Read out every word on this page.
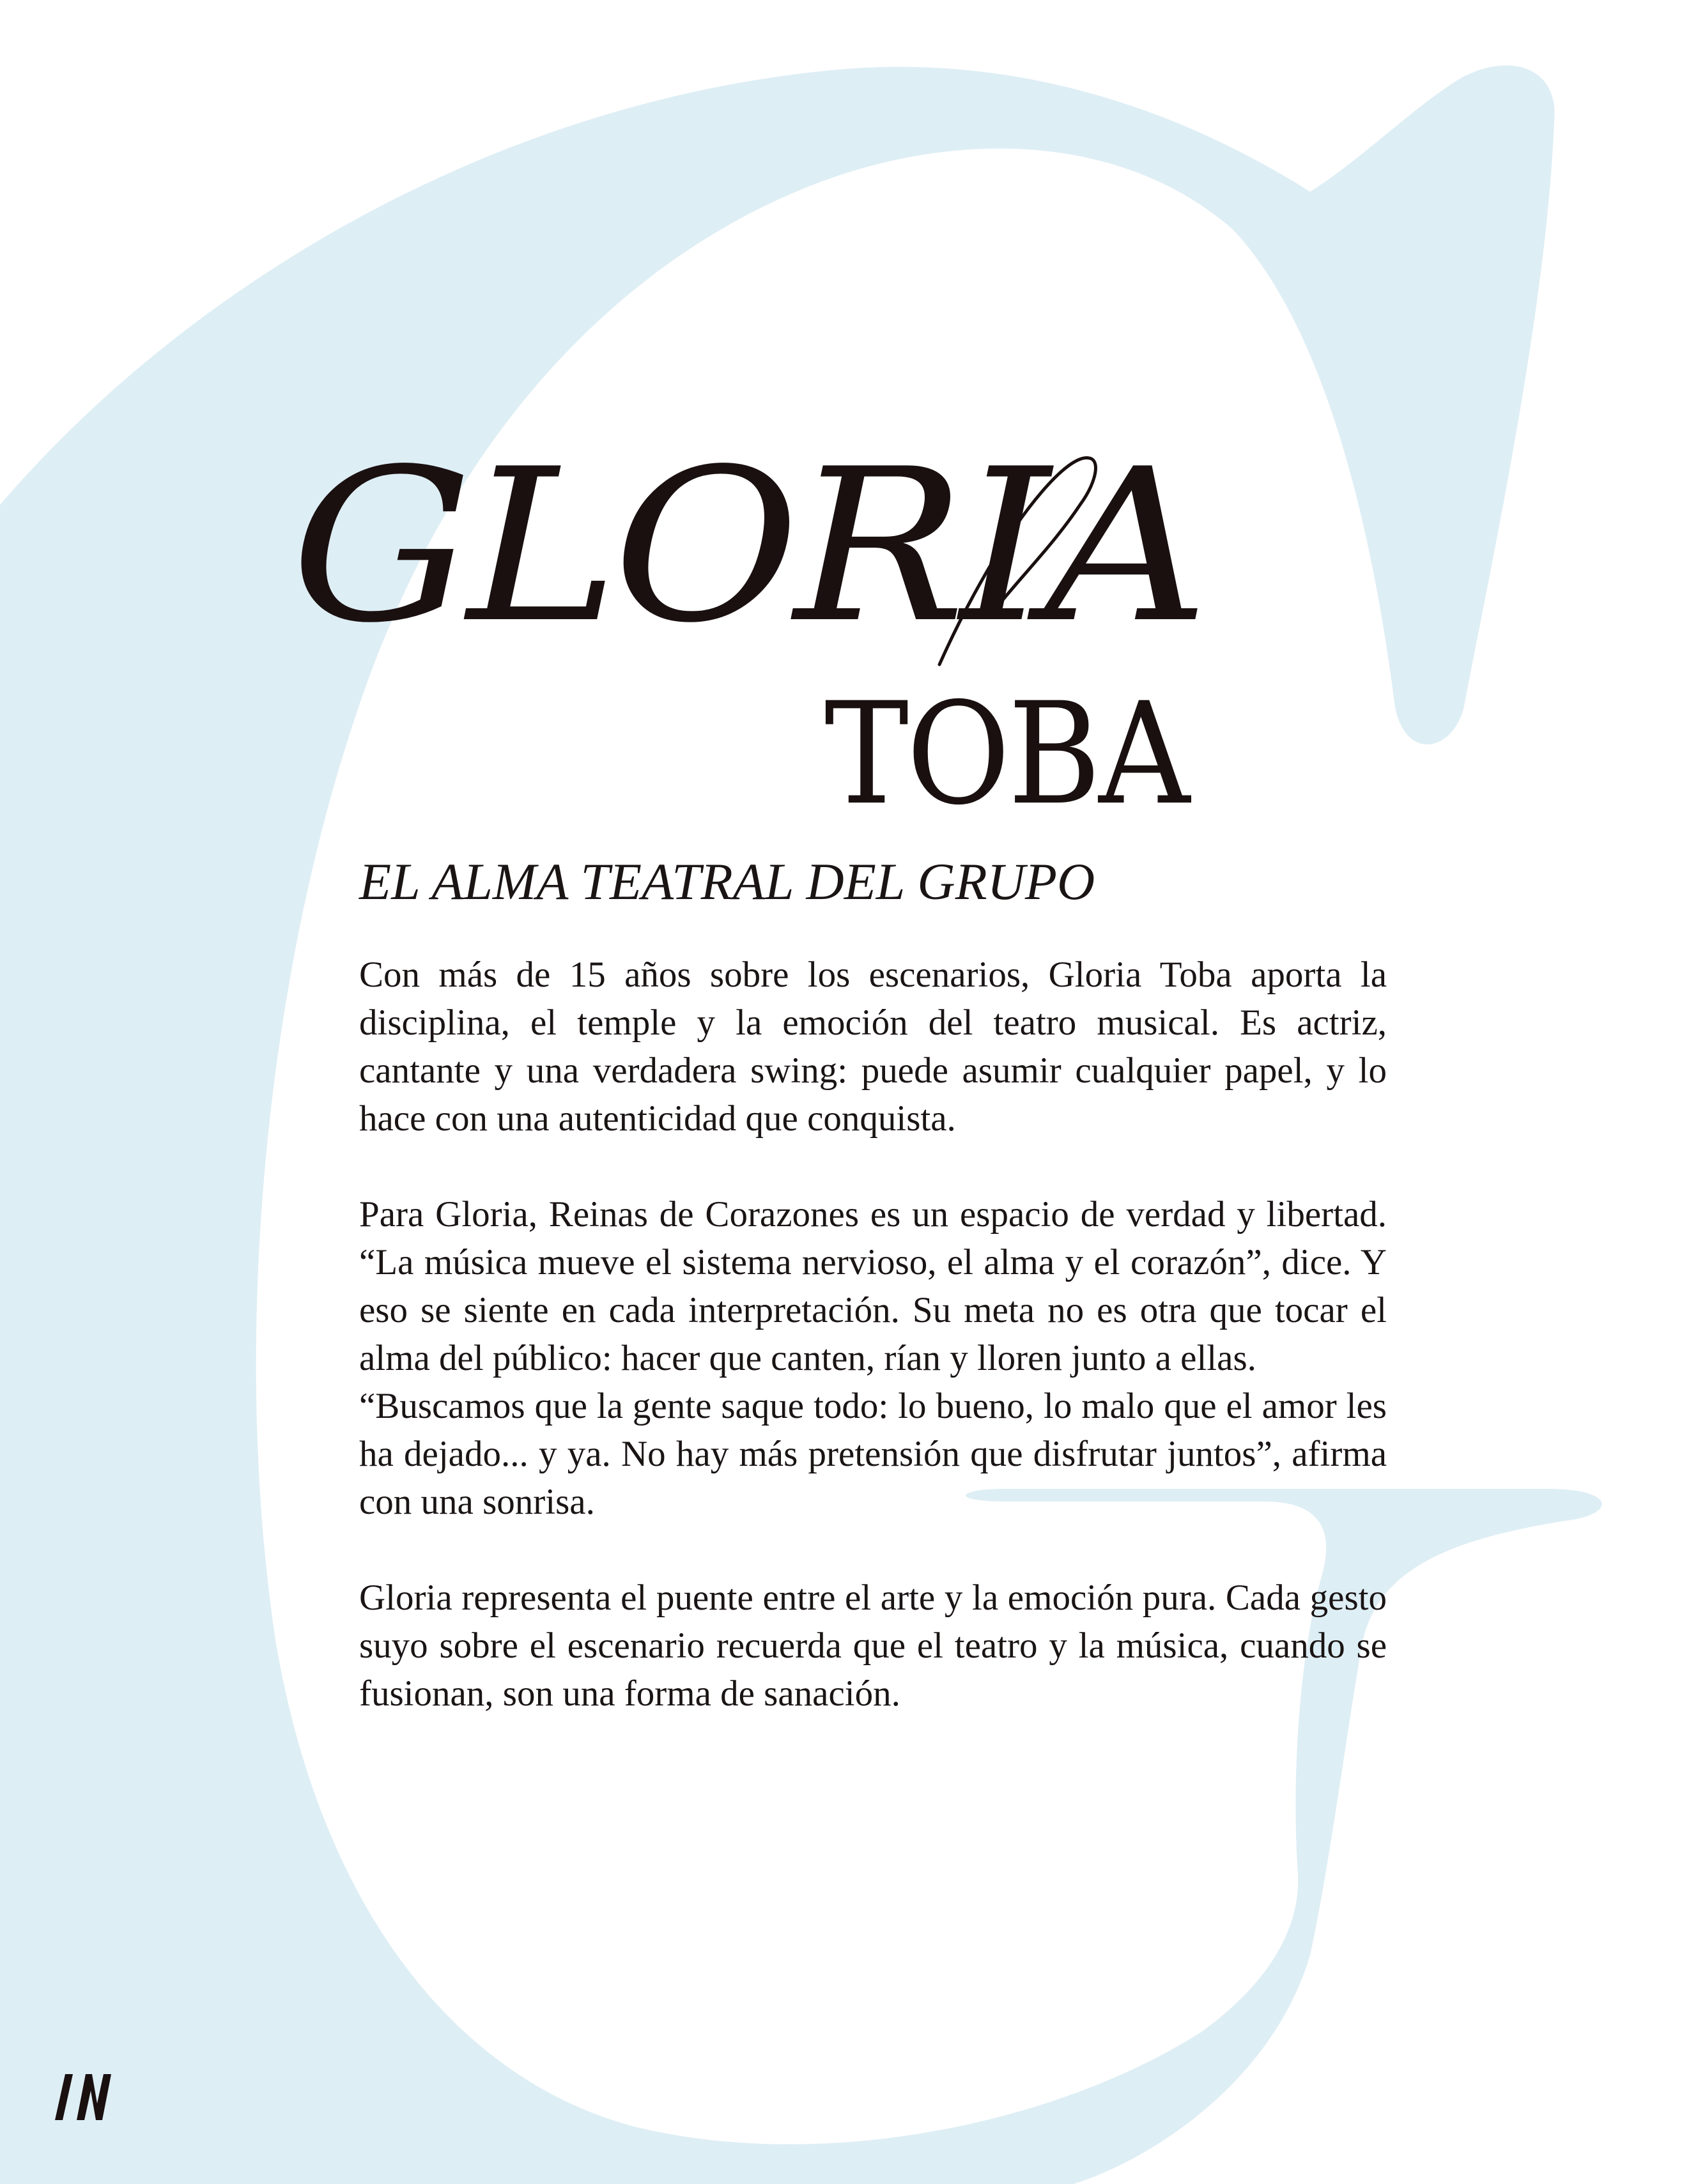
GLORIA
TOBA
EL ALMA TEATRAL DEL GRUPO

Con más de 15 años sobre los escenarios, Gloria Toba aporta la disciplina, el temple y la emoción del teatro musical. Es actriz, cantante y una verdadera swing: puede asumir cualquier papel, y lo hace con una autenticidad que conquista.

Para Gloria, Reinas de Corazones es un espacio de verdad y libertad. “La música mueve el sistema nervioso, el alma y el corazón”, dice. Y eso se siente en cada interpretación. Su meta no es otra que tocar el alma del público: hacer que canten, rían y lloren junto a ellas.

“Buscamos que la gente saque todo: lo bueno, lo malo que el amor les ha dejado... y ya. No hay más pretensión que disfrutar juntos”, afirma con una sonrisa.

Gloria representa el puente entre el arte y la emoción pura. Cada gesto suyo sobre el escenario recuerda que el teatro y la música, cuando se fusionan, son una forma de sanación.
